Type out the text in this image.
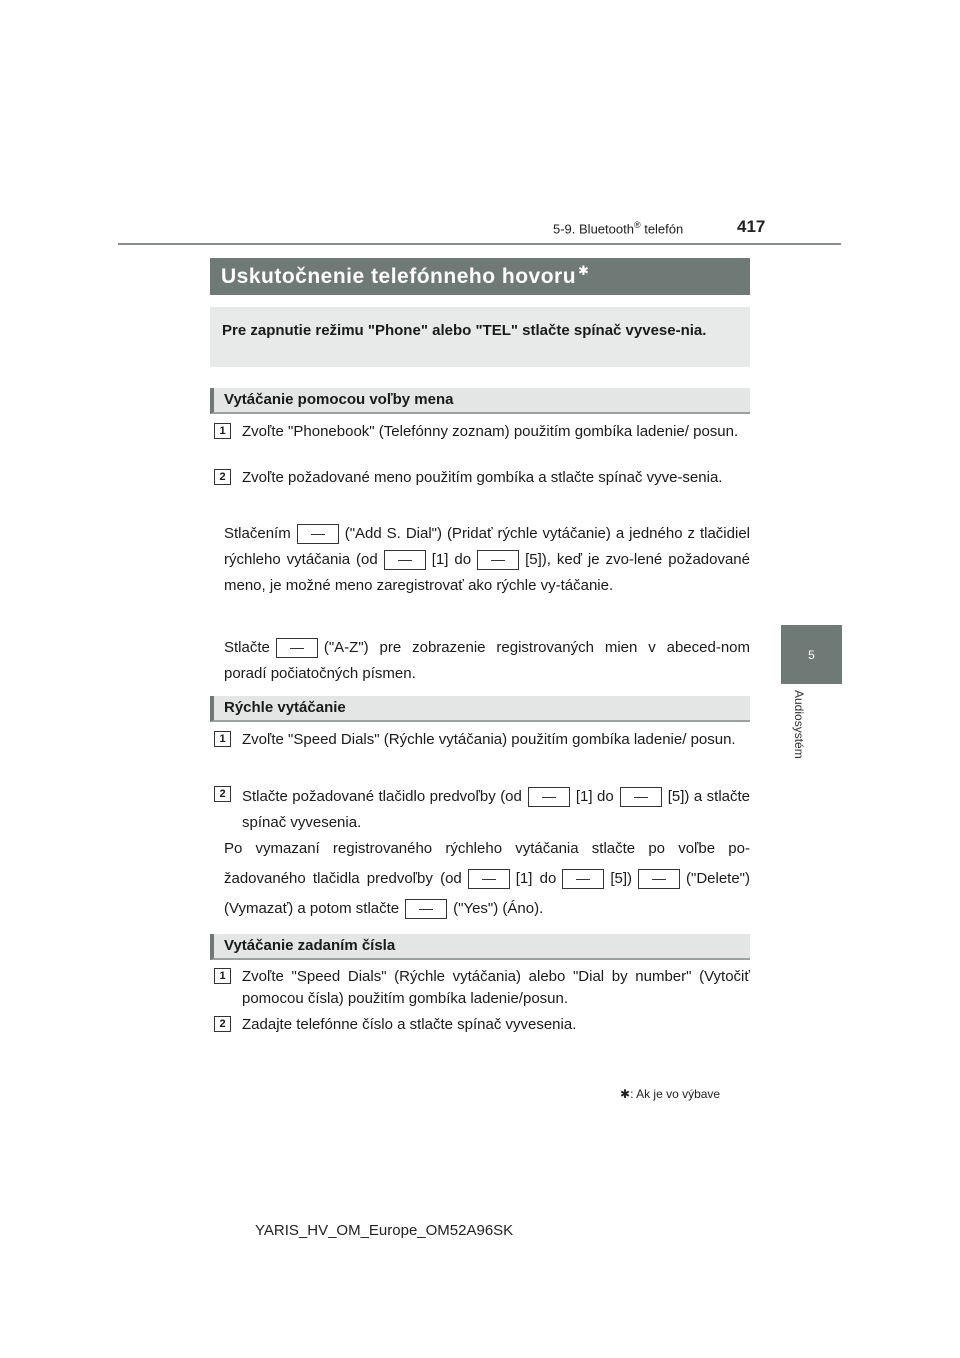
5-9. Bluetooth® telefón	417
5
Audiosystém
Uskutočnenie telefónneho hovoru✱
Pre zapnutie režimu "Phone" alebo "TEL" stlačte spínač vyvese-nia.
Vytáčanie pomocou voľby mena
1	Zvoľte "Phonebook" (Telefónny zoznam) použitím gombíka ladenie/ posun.
2	Zvoľte požadované meno použitím gombíka a stlačte spínač vyve-senia.
Stlačením	("Add S. Dial") (Pridať rýchle vytáčanie) a jedného z tlačidiel rýchleho vytáčania (od	[1] do	[5]), keď je zvo-lené požadované meno, je možné meno zaregistrovať ako rýchle vy-táčanie.
Stlačte	("A-Z") pre zobrazenie registrovaných mien v abeced-nom poradí počiatočných písmen.
Rýchle vytáčanie
1	Zvoľte "Speed Dials" (Rýchle vytáčania) použitím gombíka ladenie/ posun.
2	Stlačte požadované tlačidlo predvoľby (od	[1] do	[5]) a stlačte spínač vyvesenia.
Po vymazaní registrovaného rýchleho vytáčania stlačte po voľbe po-žadovaného tlačidla predvoľby (od	[1] do	[5])	("Delete") (Vymazať) a potom stlačte	("Yes") (Áno).
Vytáčanie zadaním čísla
1	Zvoľte "Speed Dials" (Rýchle vytáčania) alebo "Dial by number" (Vytočiť pomocou čísla) použitím gombíka ladenie/posun.
2	Zadajte telefónne číslo a stlačte spínač vyvesenia.
✱: Ak je vo výbave
YARIS_HV_OM_Europe_OM52A96SK
